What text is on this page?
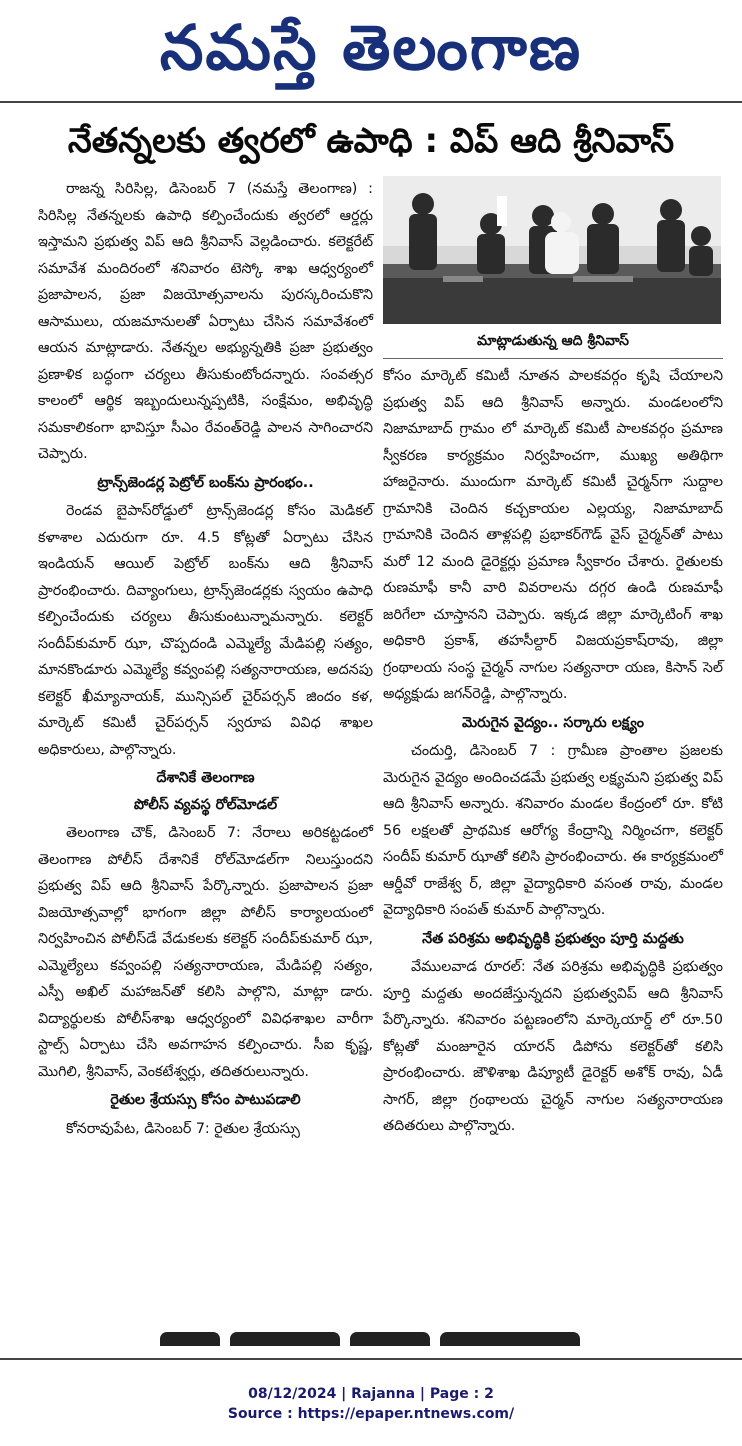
నమస్తే తెలంగాణ
నేతన్నలకు త్వరలో ఉపాధి : విప్ ఆది శ్రీనివాస్

రాజన్న సిరిసిల్ల, డిసెంబర్ 7 (నమస్తే తెలంగాణ) : సిరిసిల్ల నేతన్నలకు ఉపాధి కల్పించేందుకు త్వరలో ఆర్డర్లు ఇస్తామని ప్రభుత్వ విప్ ఆది శ్రీనివాస్ వెల్లడించారు. కలెక్టరేట్ సమావేశ మందిరంలో శనివారం టెస్కో శాఖ ఆధ్వర్యంలో ప్రజాపాలన, ప్రజా విజయోత్సవాలను పురస్కరించుకొని ఆసాములు, యజమానులతో ఏర్పాటు చేసిన సమావేశంలో ఆయన మాట్లాడారు. నేతన్నల అభ్యున్నతికి ప్రజా ప్రభుత్వం ప్రణాళిక బద్ధంగా చర్యలు తీసుకుంటోందన్నారు. సంవత్సర కాలంలో ఆర్థిక ఇబ్బందులున్నప్పటికి, సంక్షేమం, అభివృద్ధి సమకాలికంగా భావిస్తూ సీఎం రేవంత్‌రెడ్డి పాలన సాగించారని చెప్పారు.

ట్రాన్స్‌జెండర్ల పెట్రోల్ బంక్‌ను ప్రారంభం..

రెండవ బైపాస్‌రోడ్డులో ట్రాన్స్‌జెండర్ల కోసం మెడికల్ కళాశాల ఎదురుగా రూ. 4.5 కోట్లతో ఏర్పాటు చేసిన ఇండియన్ ఆయిల్ పెట్రోల్ బంక్‌ను ఆది శ్రీనివాస్ ప్రారంభించారు. దివ్యాంగులు, ట్రాన్స్‌జెండర్లకు స్వయం ఉపాధి కల్పించేందుకు చర్యలు తీసుకుంటున్నామన్నారు. కలెక్టర్ సందీప్‌కుమార్ ఝా, చొప్పదండి ఎమ్మెల్యే మేడిపల్లి సత్యం, మానకొండూరు ఎమ్మెల్యే కవ్వంపల్లి సత్యనారాయణ, అదనపు కలెక్టర్ ఖీమ్యానాయక్, మున్సిపల్ చైర్‌పర్సన్ జిందం కళ, మార్కెట్ కమిటీ చైర్‌పర్సన్ స్వరూప వివిధ శాఖల అధికారులు, పాల్గొన్నారు.

దేశానికే తెలంగాణ

పోలీస్ వ్యవస్థ రోల్‌మోడల్

తెలంగాణ చౌక్, డిసెంబర్ 7: నేరాలు అరికట్టడంలో తెలంగాణ పోలీస్ దేశానికే రోల్‌మోడల్‌గా నిలుస్తుందని ప్రభుత్వ విప్ ఆది శ్రీనివాస్ పేర్కొన్నారు. ప్రజాపాలన ప్రజా విజయోత్సవాల్లో భాగంగా జిల్లా పోలీస్ కార్యాలయంలో నిర్వహించిన పోలీస్‌డే వేడుకలకు కలెక్టర్ సందీప్‌కుమార్ ఝా, ఎమ్మెల్యేలు కవ్వంపల్లి సత్యనారాయణ, మేడిపల్లి సత్యం, ఎస్పీ అఖిల్ మహాజన్‌తో కలిసి పాల్గొని, మాట్లా డారు. విద్యార్థులకు పోలీస్‌శాఖ ఆధ్వర్యంలో వివిధశాఖల వారీగా స్టాల్స్ ఏర్పాటు చేసి అవగాహన కల్పించారు. సీఐ కృష్ణ, మొగిలి, శ్రీనివాస్, వెంకటేశ్వర్లు, తదితరులున్నారు.

రైతుల శ్రేయస్సు కోసం పాటుపడాలి

కోనరావుపేట, డిసెంబర్ 7: రైతుల శ్రేయస్సు

మాట్లాడుతున్న ఆది శ్రీనివాస్

కోసం మార్కెట్ కమిటీ నూతన పాలకవర్గం కృషి చేయాలని ప్రభుత్వ విప్ ఆది శ్రీనివాస్ అన్నారు. మండలంలోని నిజామాబాద్ గ్రామం లో మార్కెట్ కమిటీ పాలకవర్గం ప్రమాణ స్వీకరణ కార్యక్రమం నిర్వహించగా, ముఖ్య అతిథిగా హాజరైనారు. ముందుగా మార్కెట్ కమిటీ చైర్మన్‌గా సుద్దాల గ్రామానికి చెందిన కచ్చకాయల ఎల్లయ్య, నిజామాబాద్ గ్రామానికి చెందిన తాళ్లపల్లి ప్రభాకర్‌గౌడ్ వైస్ చైర్మన్‌తో పాటు మరో 12 మంది డైరెక్టర్లు ప్రమాణ స్వీకారం చేశారు. రైతులకు రుణమాఫీ కానీ వారి వివరాలను దగ్గర ఉండి రుణమాఫీ జరిగేలా చూస్తానని చెప్పారు. ఇక్కడ జిల్లా మార్కెటింగ్ శాఖ అధికారి ప్రకాశ్, తహసీల్దార్ విజయప్రకాష్‌రావు, జిల్లా గ్రంథాలయ సంస్థ చైర్మన్ నాగుల సత్యనారా యణ, కిసాన్ సెల్ అధ్యక్షుడు జగన్‌రెడ్డి, పాల్గొన్నారు.

మెరుగైన వైద్యం.. సర్కారు లక్ష్యం

చందుర్తి, డిసెంబర్ 7 : గ్రామీణ ప్రాంతాల ప్రజలకు మెరుగైన వైద్యం అందించడమే ప్రభుత్వ లక్ష్యమని ప్రభుత్వ విప్ ఆది శ్రీనివాస్ అన్నారు. శనివారం మండల కేంద్రంలో రూ. కోటి 56 లక్షలతో ప్రాథమిక ఆరోగ్య కేంద్రాన్ని నిర్మించగా, కలెక్టర్ సందీప్ కుమార్ ఝాతో కలిసి ప్రారంభించారు. ఈ కార్యక్రమంలో ఆర్డీవో రాజేశ్వ ర్, జిల్లా వైద్యాధికారి వసంత రావు, మండల వైద్యాధికారి సంపత్ కుమార్ పాల్గొన్నారు.

నేత పరిశ్రమ అభివృద్ధికి ప్రభుత్వం పూర్తి మద్దతు

వేములవాడ రూరల్: నేత పరిశ్రమ అభివృద్ధికి ప్రభుత్వం పూర్తి మద్దతు అందజేస్తున్నదని ప్రభుత్వవిప్ ఆది శ్రీనివాస్ పేర్కొన్నారు. శనివారం పట్టణంలోని మార్కెయార్డ్ లో రూ.50 కోట్లతో మంజూరైన యారన్ డిపోను కలెక్టర్‌తో కలిసి ప్రారంభించారు. జౌళిశాఖ డిప్యూటీ డైరెక్టర్ అశోక్ రావు, ఏడీ సాగర్, జిల్లా గ్రంథాలయ చైర్మన్ నాగుల సత్యనారాయణ తదితరులు పాల్గొన్నారు.

08/12/2024 | Rajanna | Page : 2
Source : https://epaper.ntnews.com/
